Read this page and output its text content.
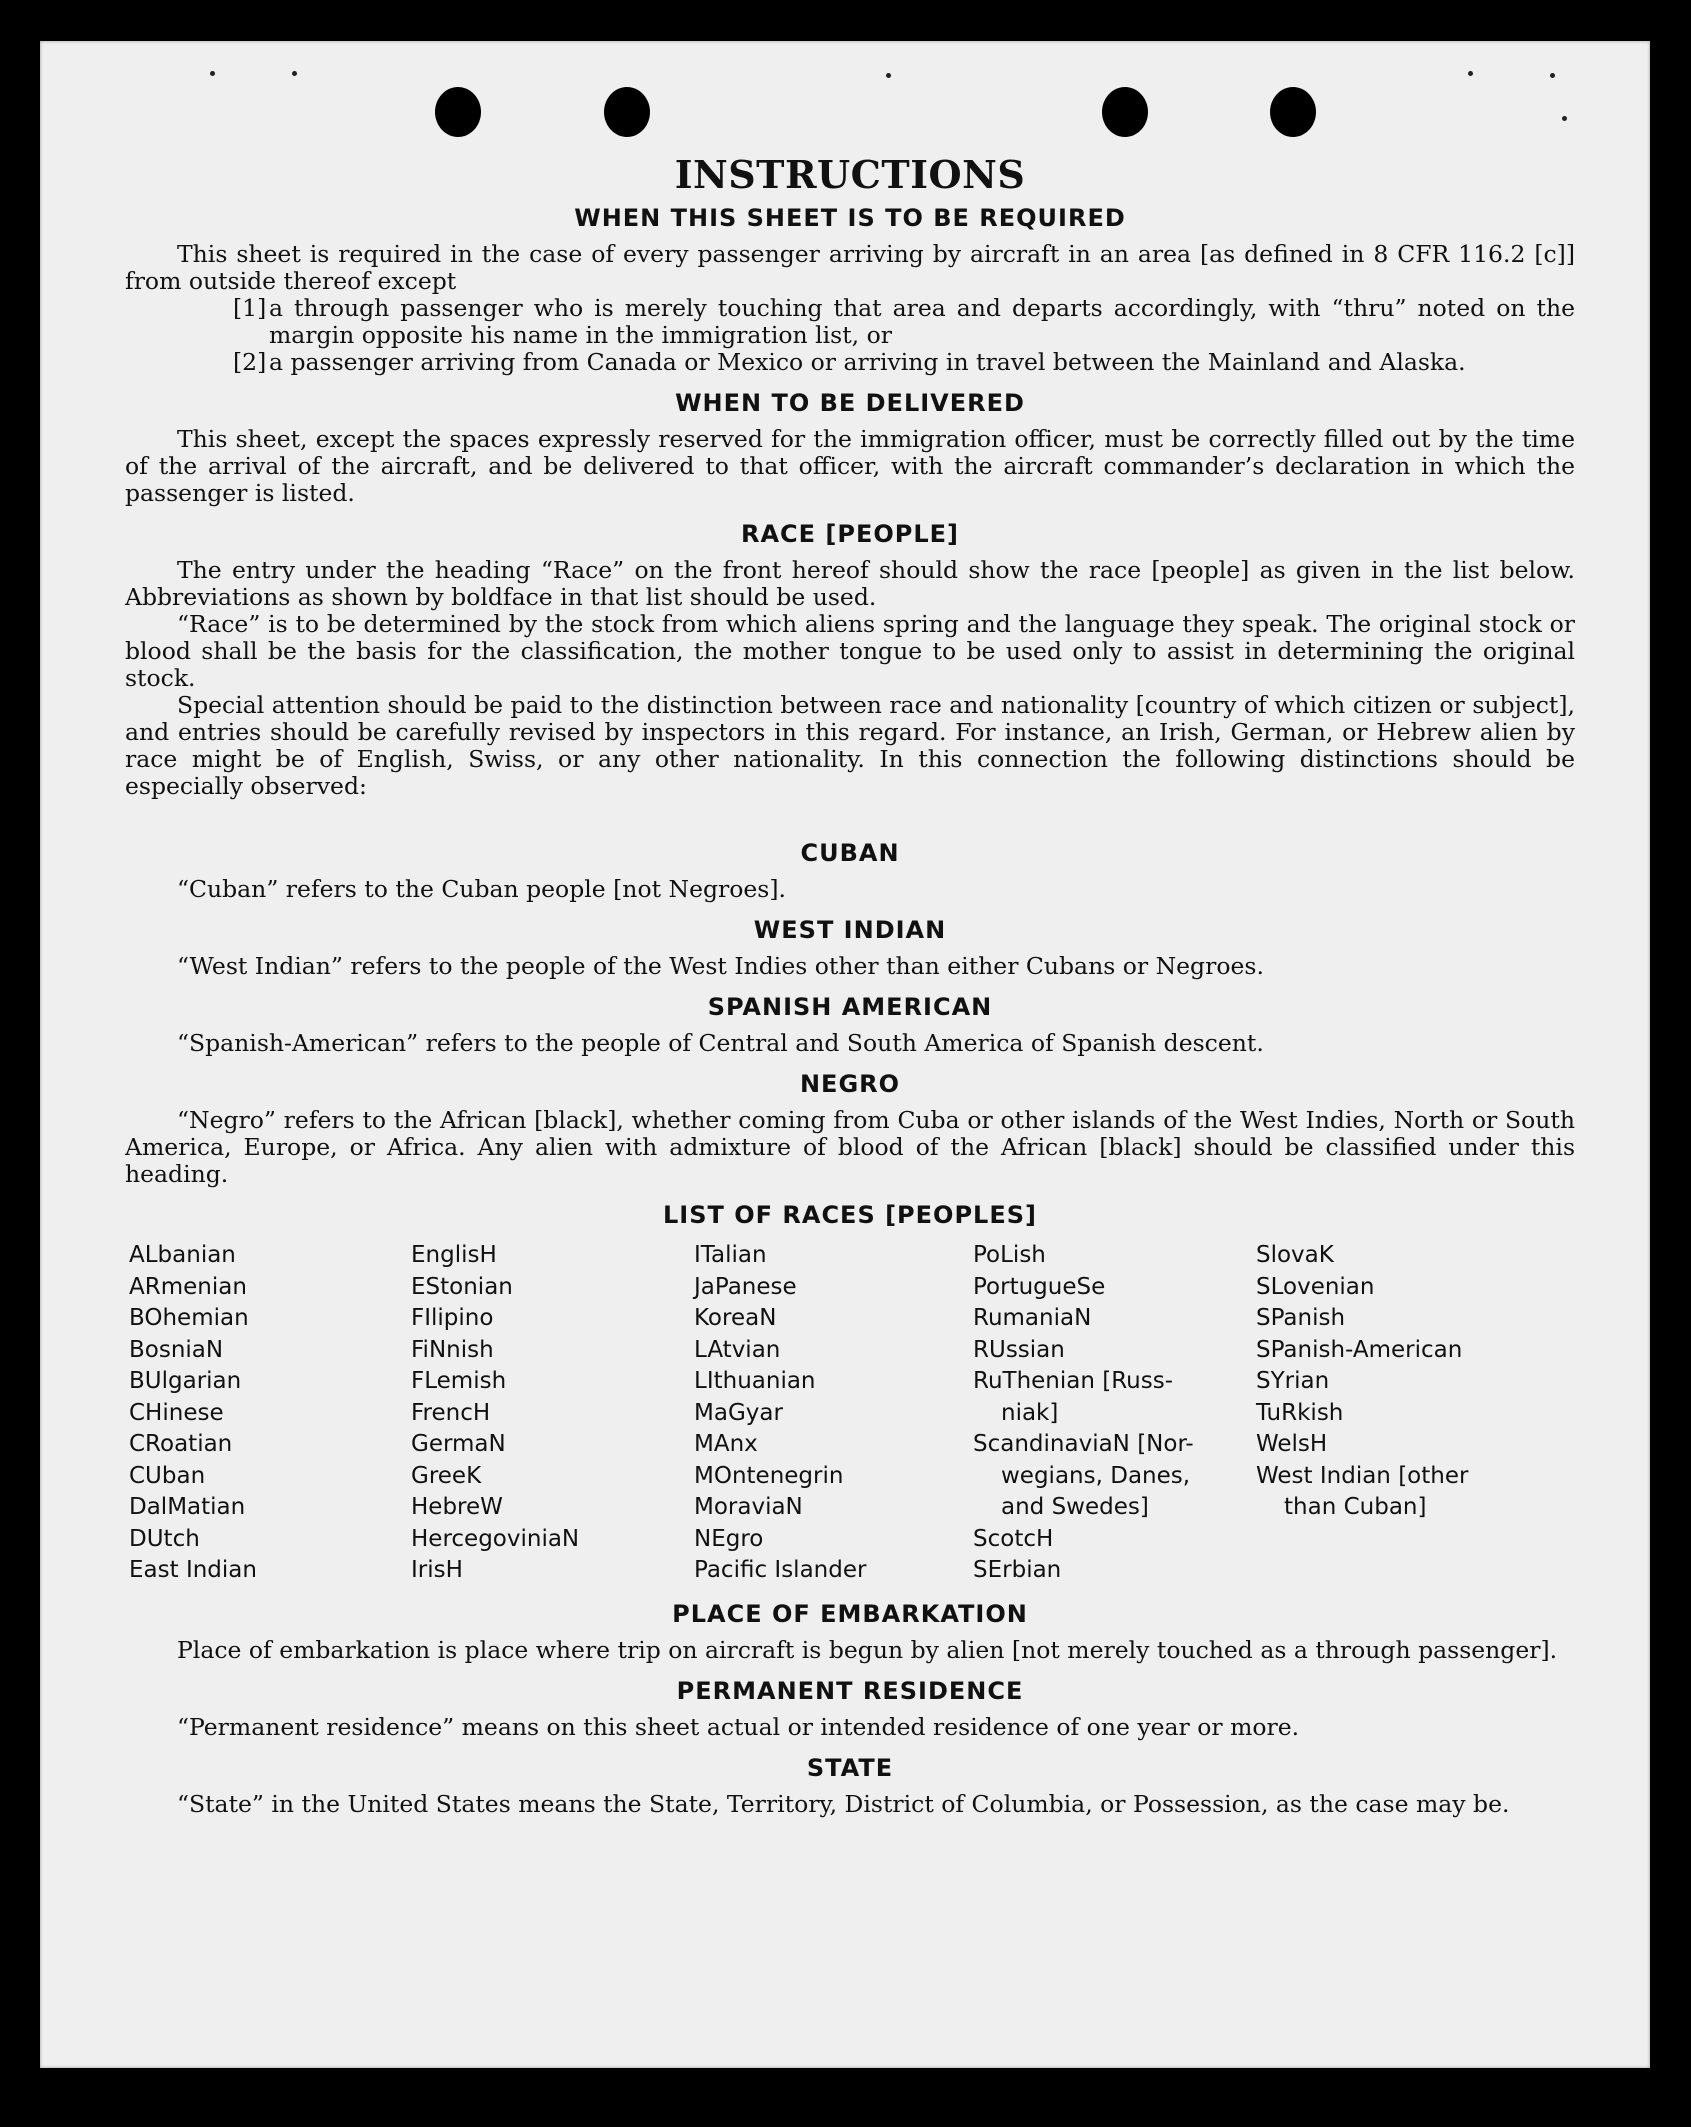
INSTRUCTIONS
WHEN THIS SHEET IS TO BE REQUIRED

This sheet is required in the case of every passenger arriving by aircraft in an area [as defined in 8 CFR 116.2 [c]] from outside thereof except

[1] a through passenger who is merely touching that area and departs accordingly, with “thru” noted on the margin opposite his name in the immigration list, or
[2] a passenger arriving from Canada or Mexico or arriving in travel between the Mainland and Alaska.
WHEN TO BE DELIVERED

This sheet, except the spaces expressly reserved for the immigration officer, must be correctly filled out by the time of the arrival of the aircraft, and be delivered to that officer, with the aircraft commander’s declaration in which the passenger is listed.

RACE [PEOPLE]

The entry under the heading “Race” on the front hereof should show the race [people] as given in the list below. Abbreviations as shown by boldface in that list should be used.

“Race” is to be determined by the stock from which aliens spring and the language they speak. The original stock or blood shall be the basis for the classification, the mother tongue to be used only to assist in determining the original stock.

Special attention should be paid to the distinction between race and nationality [country of which citizen or subject], and entries should be carefully revised by inspectors in this regard. For instance, an Irish, German, or Hebrew alien by race might be of English, Swiss, or any other nationality. In this connection the following distinctions should be especially observed:

CUBAN

“Cuban” refers to the Cuban people [not Negroes].

WEST INDIAN

“West Indian” refers to the people of the West Indies other than either Cubans or Negroes.

SPANISH AMERICAN

“Spanish-American” refers to the people of Central and South America of Spanish descent.

NEGRO

“Negro” refers to the African [black], whether coming from Cuba or other islands of the West Indies, North or South America, Europe, or Africa. Any alien with admixture of blood of the African [black] should be classified under this heading.

LIST OF RACES [PEOPLES]
ALbanian	EnglisH	ITalian	PoLish	SlovaK
ARmenian	EStonian	JaPanese	PortugueSe	SLovenian
BOhemian	FIlipino	KoreaN	RumaniaN	SPanish
BosniaN	FiNnish	LAtvian	RUssian	SPanish-American
BUlgarian	FLemish	LIthuanian	RuThenian [Russ-	SYrian
CHinese	FrencH	MaGyar	niak]	TuRkish
CRoatian	GermaN	MAnx	ScandinaviaN [Nor-	WelsH
CUban	GreeK	MOntenegrin	wegians, Danes,	West Indian [other
DalMatian	HebreW	MoraviaN	and Swedes]	than Cuban]
DUtch	HercegoviniaN	NEgro	ScotcH
East Indian	IrisH	Pacific Islander	SErbian
PLACE OF EMBARKATION

Place of embarkation is place where trip on aircraft is begun by alien [not merely touched as a through passenger].

PERMANENT RESIDENCE

“Permanent residence” means on this sheet actual or intended residence of one year or more.

STATE

“State” in the United States means the State, Territory, District of Columbia, or Possession, as the case may be.
